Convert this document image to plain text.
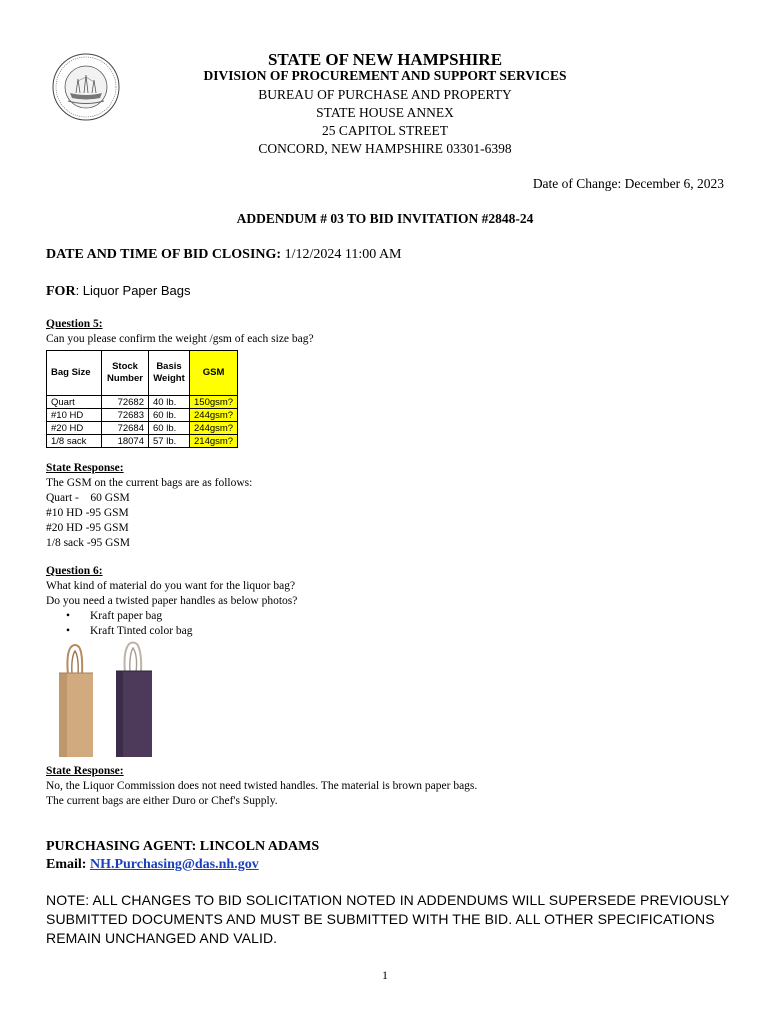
STATE OF NEW HAMPSHIRE
DIVISION OF PROCUREMENT AND SUPPORT SERVICES
BUREAU OF PURCHASE AND PROPERTY
STATE HOUSE ANNEX
25 CAPITOL STREET
CONCORD, NEW HAMPSHIRE 03301-6398
Date of Change: December 6, 2023
ADDENDUM # 03 TO BID INVITATION #2848-24
DATE AND TIME OF BID CLOSING: 1/12/2024 11:00 AM
FOR: Liquor Paper Bags
Question 5:
Can you please confirm the weight /gsm of each size bag?
Bag Size	Stock Number	Basis Weight	GSM
Quart	72682	40 lb.	150gsm?
#10 HD	72683	60 lb.	244gsm?
#20 HD	72684	60 lb.	244gsm?
1/8 sack	18074	57 lb.	214gsm?
State Response:
The GSM on the current bags are as follows:
Quart -    60 GSM
#10 HD -95 GSM
#20 HD -95 GSM
1/8 sack -95 GSM
Question 6:
What kind of material do you want for the liquor bag?
Do you need a twisted paper handles as below photos?
• Kraft paper bag
• Kraft Tinted color bag
State Response:
No, the Liquor Commission does not need twisted handles. The material is brown paper bags.
The current bags are either Duro or Chef's Supply.
PURCHASING AGENT: LINCOLN ADAMS
Email: NH.Purchasing@das.nh.gov
NOTE: ALL CHANGES TO BID SOLICITATION NOTED IN ADDENDUMS WILL SUPERSEDE PREVIOUSLY SUBMITTED DOCUMENTS AND MUST BE SUBMITTED WITH THE BID. ALL OTHER SPECIFICATIONS REMAIN UNCHANGED AND VALID.
1
